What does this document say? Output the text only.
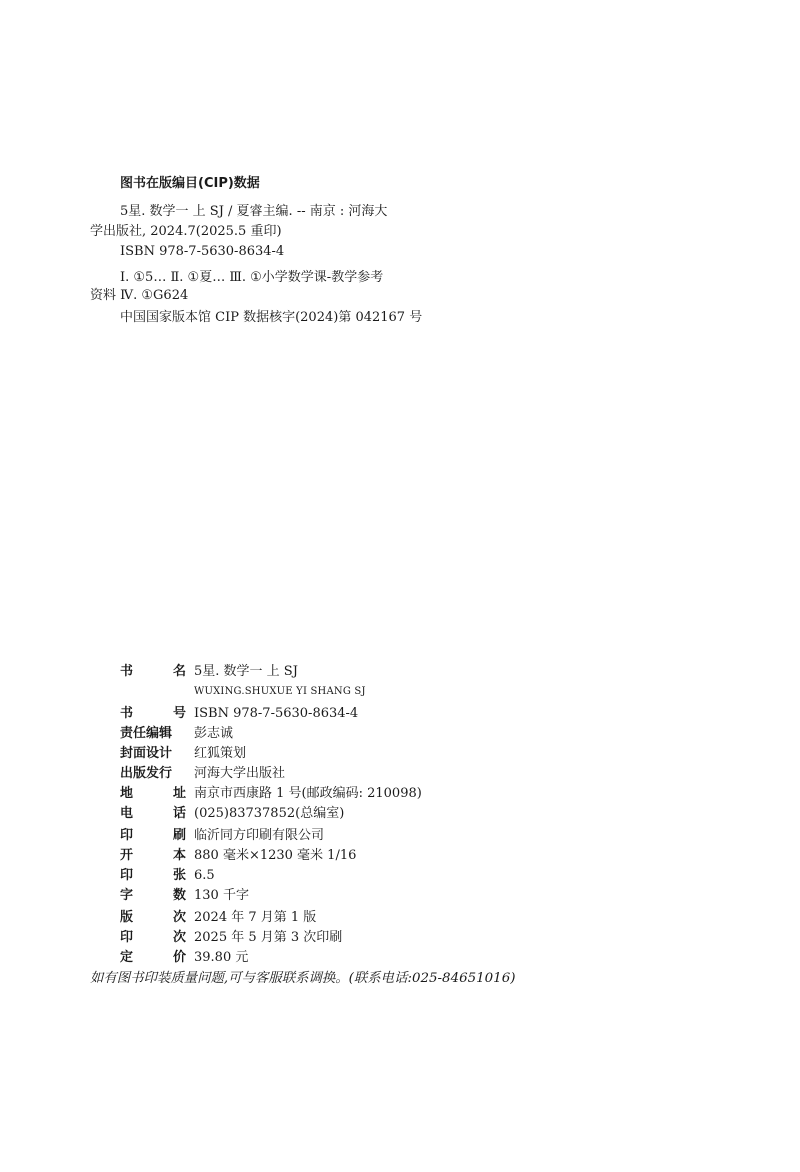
图书在版编目(CIP)数据
5星. 数学一 上 SJ / 夏睿主编. -- 南京 : 河海大
学出版社, 2024.7(2025.5 重印)
ISBN 978-7-5630-8634-4
Ⅰ. ①5… Ⅱ. ①夏… Ⅲ. ①小学数学课-教学参考
资料 Ⅳ. ①G624
中国国家版本馆 CIP 数据核字(2024)第 042167 号
书	名 5星. 数学一 上 SJ
书	号 ISBN 978-7-5630-8634-4
责任编辑 彭志诚
封面设计 红狐策划
出版发行 河海大学出版社
地	址 南京市西康路 1 号(邮政编码: 210098)
电	话 (025)83737852(总编室)
印	刷 临沂同方印刷有限公司
开	本 880 毫米×1230 毫米 1/16
印	张 6.5
字	数 130 千字
版	次 2024 年 7 月第 1 版
印	次 2025 年 5 月第 3 次印刷
定	价 39.80 元
WUXING.SHUXUE YI SHANG SJ
如有图书印装质量问题,可与客服联系调换。(联系电话:025-84651016)
